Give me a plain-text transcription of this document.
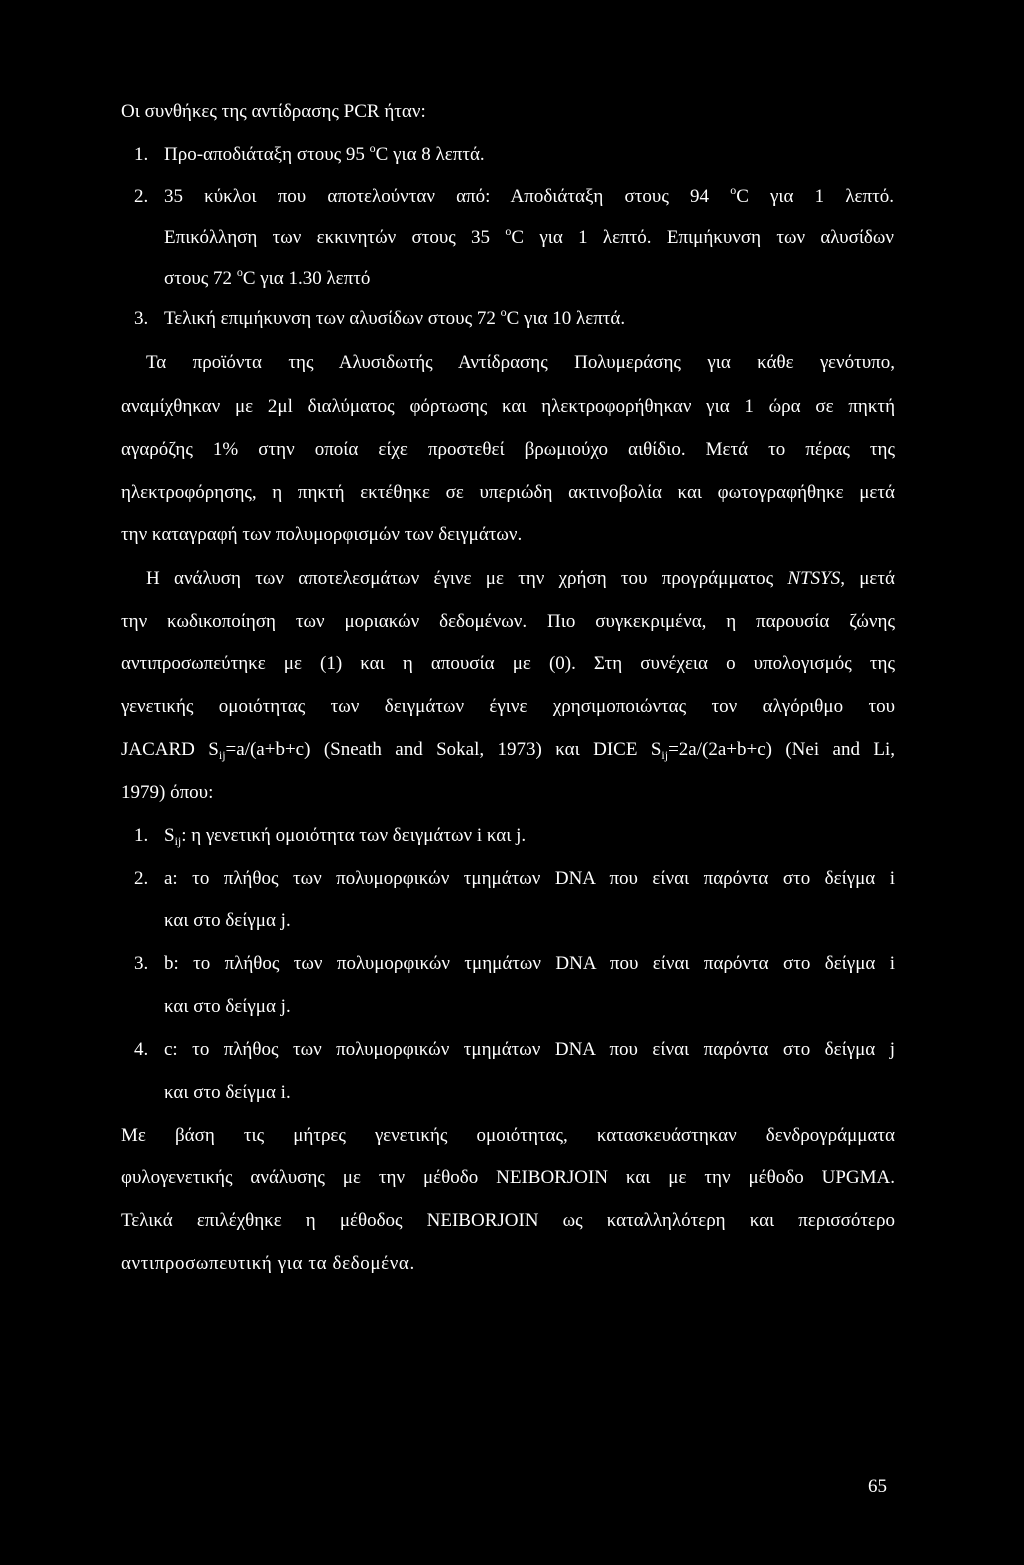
Οι συνθήκες της αντίδρασης PCR ήταν:

1. Προ-αποδιάταξη στους 95 $^o$C για 8 λεπτά.

2. 35 κύκλοι που αποτελούνταν από: Αποδιάταξη στους 94 $^o$C για 1 λεπτό.

Επικόλληση των εκκινητών στους 35 $^o$C για 1 λεπτό. Επιμήκυνση των αλυσίδων

στους 72 $^o$C για 1.30 λεπτό

3. Τελική επιμήκυνση των αλυσίδων στους 72 $^o$C για 10 λεπτά.

Τα προϊόντα της Αλυσιδωτής Αντίδρασης Πολυμεράσης για κάθε γενότυπο,

αναμίχθηκαν με 2μl διαλύματος φόρτωσης και ηλεκτροφορήθηκαν για 1 ώρα σε πηκτή

αγαρόζης 1% στην οποία είχε προστεθεί βρωμιούχο αιθίδιο. Μετά το πέρας της

ηλεκτροφόρησης, η πηκτή εκτέθηκε σε υπεριώδη ακτινοβολία και φωτογραφήθηκε μετά

την καταγραφή των πολυμορφισμών των δειγμάτων.

Η ανάλυση των αποτελεσμάτων έγινε με την χρήση του προγράμματος NTSYS, μετά

την κωδικοποίηση των μοριακών δεδομένων. Πιο συγκεκριμένα, η παρουσία ζώνης

αντιπροσωπεύτηκε με (1) και η απουσία με (0). Στη συνέχεια ο υπολογισμός της

γενετικής ομοιότητας των δειγμάτων έγινε χρησιμοποιώντας τον αλγόριθμο του

JACARD $S_{ij}=a/(a+b+c)$ (Sneath and Sokal, 1973) και DICE $S_{ij}=2a/(2a+b+c)$ (Nei and Li,

1979) όπου:

1. $S_{ij}$: η γενετική ομοιότητα των δειγμάτων i και j.

2. a: το πλήθος των πολυμορφικών τμημάτων DNA που είναι παρόντα στο δείγμα i

και στο δείγμα j.

3. b: το πλήθος των πολυμορφικών τμημάτων DNA που είναι παρόντα στο δείγμα i

και στο δείγμα j.

4. c: το πλήθος των πολυμορφικών τμημάτων DNA που είναι παρόντα στο δείγμα j

και στο δείγμα i.

Με βάση τις μήτρες γενετικής ομοιότητας, κατασκευάστηκαν δενδρογράμματα

φυλογενετικής ανάλυσης με την μέθοδο NEIBORJOIN και με την μέθοδο UPGMA.

Τελικά επιλέχθηκε η μέθοδος NEIBORJOIN ως καταλληλότερη και περισσότερο

αντιπροσωπευτική για τα δεδομένα.

65
